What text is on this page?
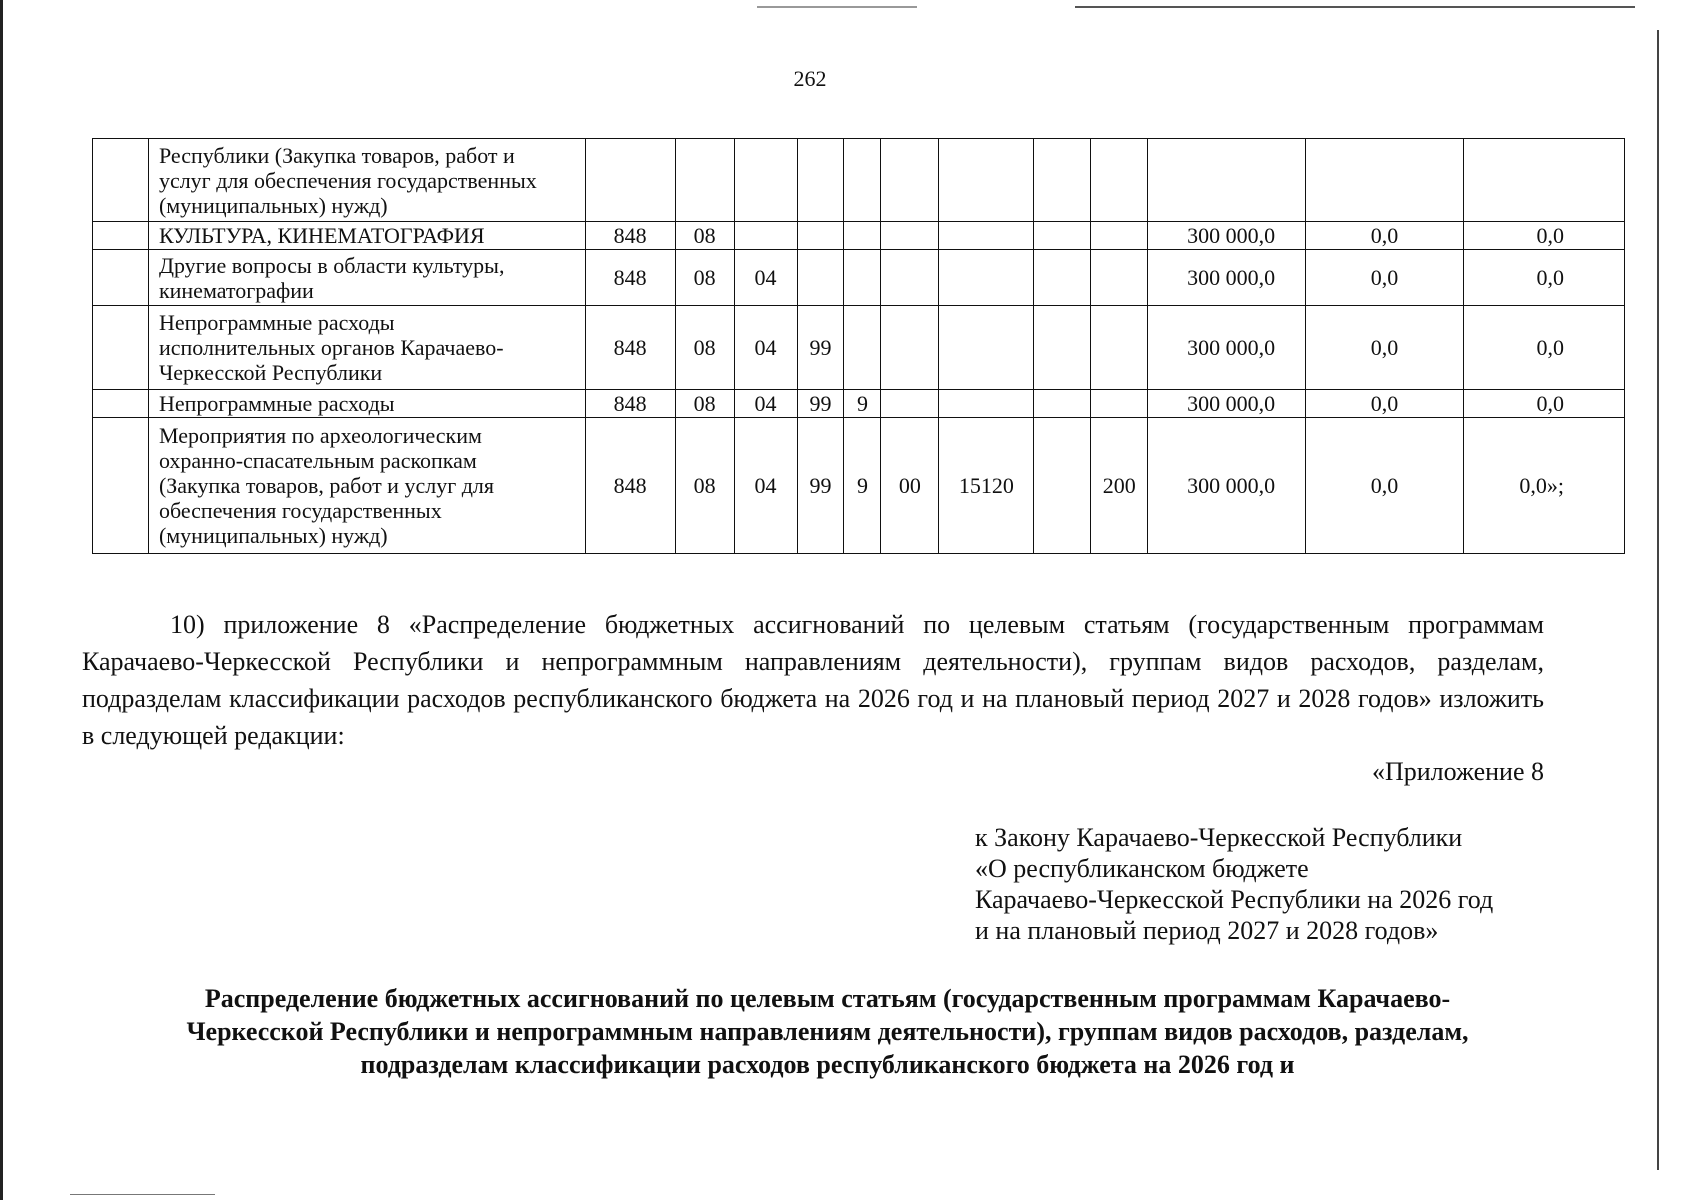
262

	Республики (Закупка товаров, работ и
услуг для обеспечения государственных
(муниципальных) нужд)												

	КУЛЬТУРА, КИНЕМАТОГРАФИЯ	848	08								300 000,0	0,0	0,0

	Другие вопросы в области культуры,
кинематографии	848	08	04							300 000,0	0,0	0,0

	Непрограммные расходы
исполнительных органов Карачаево-
Черкесской Республики	848	08	04	99						300 000,0	0,0	0,0

	Непрограммные расходы	848	08	04	99	9					300 000,0	0,0	0,0

	Мероприятия по археологическим
охранно-спасательным раскопкам
(Закупка товаров, работ и услуг для
обеспечения государственных
(муниципальных) нужд)	848	08	04	99	9	00	15120		200	300 000,0	0,0	0,0»;
10) приложение 8 «Распределение бюджетных ассигнований по целевым статьям (государственным программам Карачаево-Черкесской Республики и непрограммным направлениям деятельности), группам видов расходов, разделам, подразделам классификации расходов республиканского бюджета на 2026 год и на плановый период 2027 и 2028 годов» изложить в следующей редакции:
«Приложение 8
к Закону Карачаево-Черкесской Республики
«О республиканском бюджете
Карачаево-Черкесской Республики на 2026 год
и на плановый период 2027 и 2028 годов»
Распределение бюджетных ассигнований по целевым статьям (государственным программам Карачаево-
Черкесской Республики и непрограммным направлениям деятельности), группам видов расходов, разделам,
подразделам классификации расходов республиканского бюджета на 2026 год и
